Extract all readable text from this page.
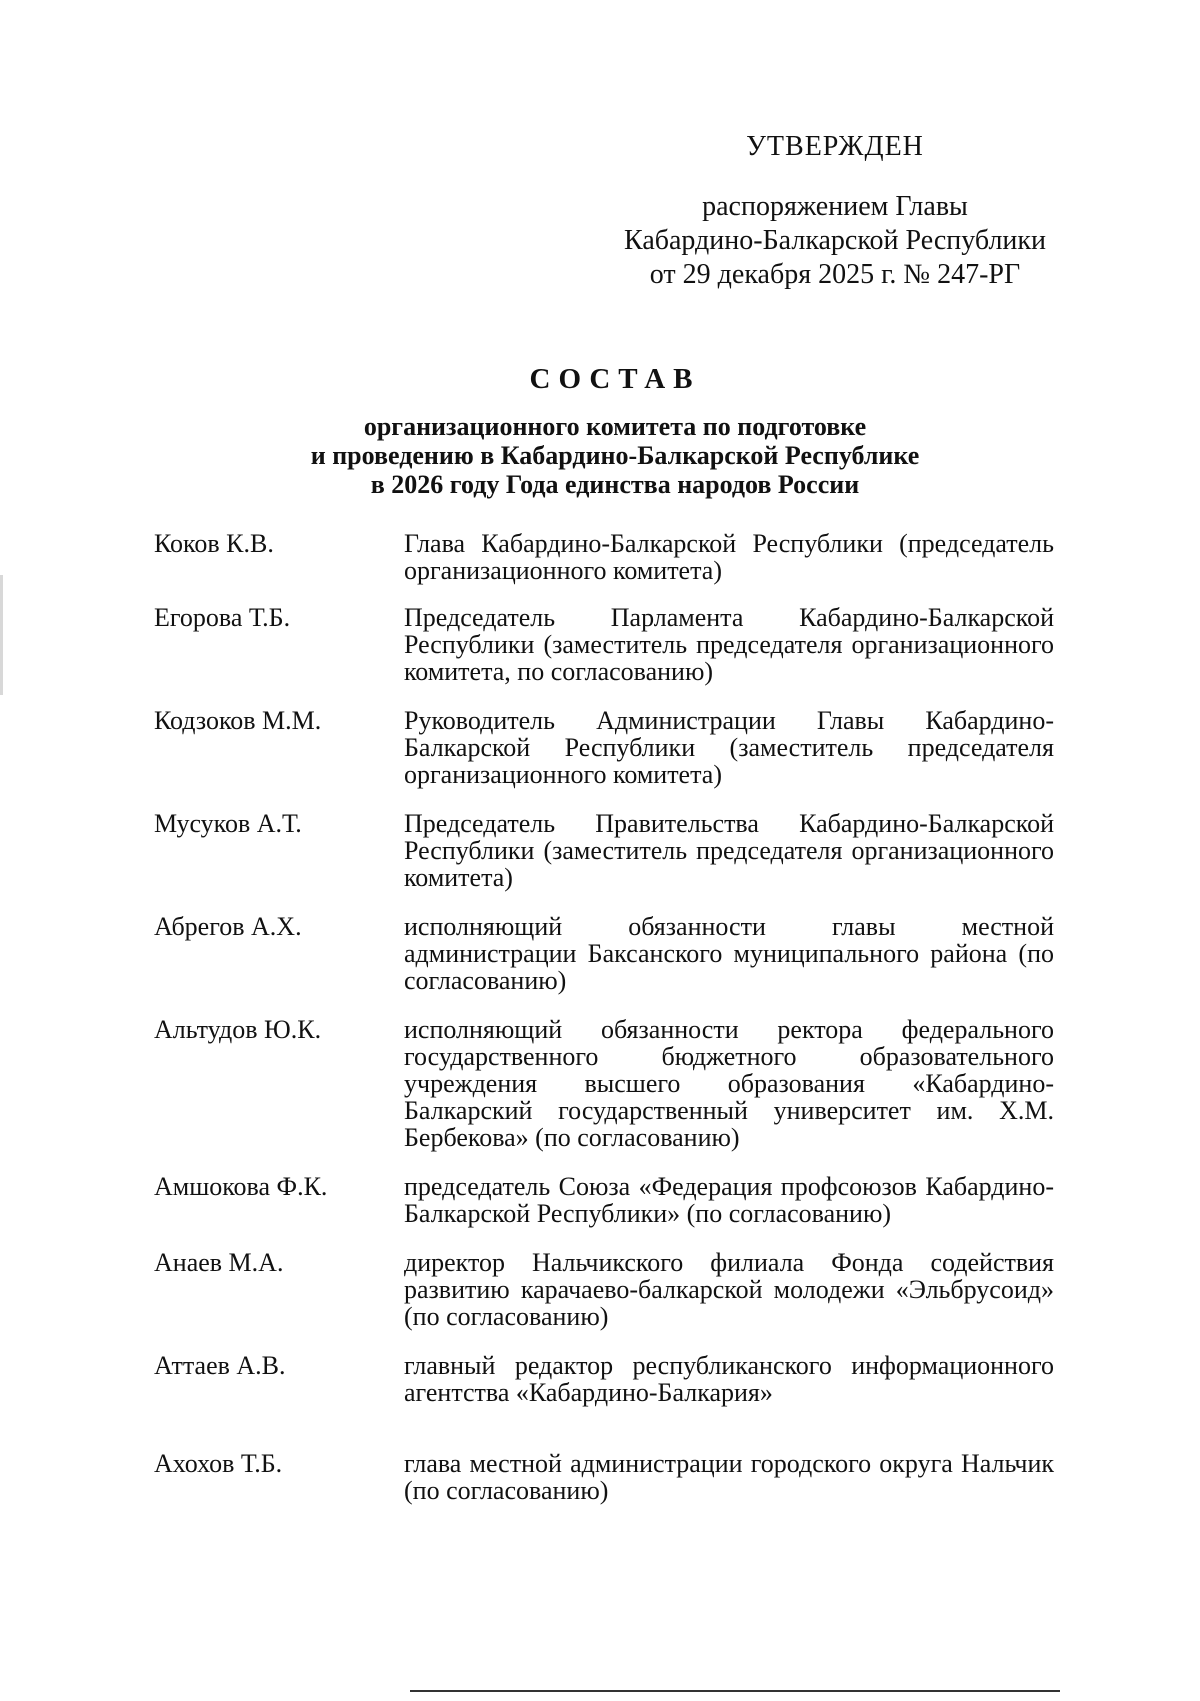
УТВЕРЖДЕН
распоряжением Главы
Кабардино-Балкарской Республики
от 29 декабря 2025 г. № 247-РГ
СОСТАВ
организационного комитета по подготовке
и проведению в Кабардино-Балкарской Республике
в 2026 году Года единства народов России
Коков К.В.	Глава Кабардино-Балкарской Республики (председатель организационного комитета)
Егорова Т.Б.	Председатель Парламента Кабардино-Балкарской Республики (заместитель председателя организационного комитета, по согласованию)
Кодзоков М.М.	Руководитель Администрации Главы Кабардино-Балкарской Республики (заместитель председателя организационного комитета)
Мусуков А.Т.	Председатель Правительства Кабардино-Балкарской Республики (заместитель председателя организационного комитета)
Абрегов А.Х.	исполняющий обязанности главы местной администрации Баксанского муниципального района (по согласованию)
Альтудов Ю.К.	исполняющий обязанности ректора федерального государственного бюджетного образовательного учреждения высшего образования «Кабардино-Балкарский государственный университет им. Х.М. Бербекова» (по согласованию)
Амшокова Ф.К.	председатель Союза «Федерация профсоюзов Кабардино-Балкарской Республики» (по согласованию)
Анаев М.А.	директор Нальчикского филиала Фонда содействия развитию карачаево-балкарской молодежи «Эльбрусоид» (по согласованию)
Аттаев А.В.	главный редактор республиканского информационного агентства «Кабардино-Балкария»
Ахохов Т.Б.	глава местной администрации городского округа Нальчик (по согласованию)
